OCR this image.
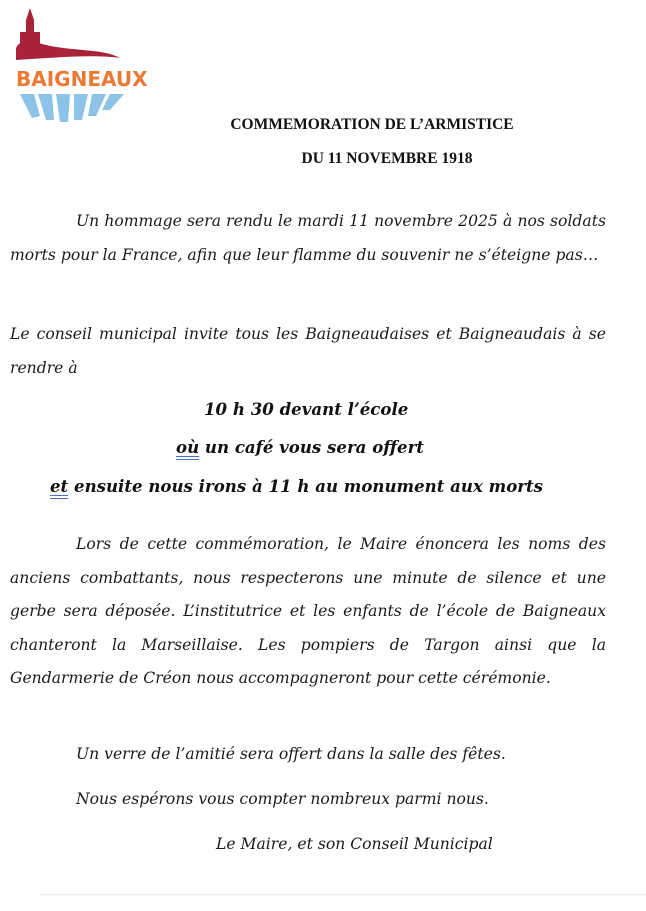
BAIGNEAUX
COMMEMORATION DE L’ARMISTICE
DU 11 NOVEMBRE 1918
Un hommage sera rendu le mardi 11 novembre 2025 à nos soldats morts pour la France, afin que leur flamme du souvenir ne s’éteigne pas…
Le conseil municipal invite tous les Baigneaudaises et Baigneaudais à se rendre à
10 h 30 devant l’école
où un café vous sera offert
et ensuite nous irons à 11 h au monument aux morts
Lors de cette commémoration, le Maire énoncera les noms des anciens combattants, nous respecterons une minute de silence et une gerbe sera déposée. L’institutrice et les enfants de l’école de Baigneaux chanteront la Marseillaise. Les pompiers de Targon ainsi que la Gendarmerie de Créon nous accompagneront pour cette cérémonie.
Un verre de l’amitié sera offert dans la salle des fêtes.
Nous espérons vous compter nombreux parmi nous.
Le Maire, et son Conseil Municipal
